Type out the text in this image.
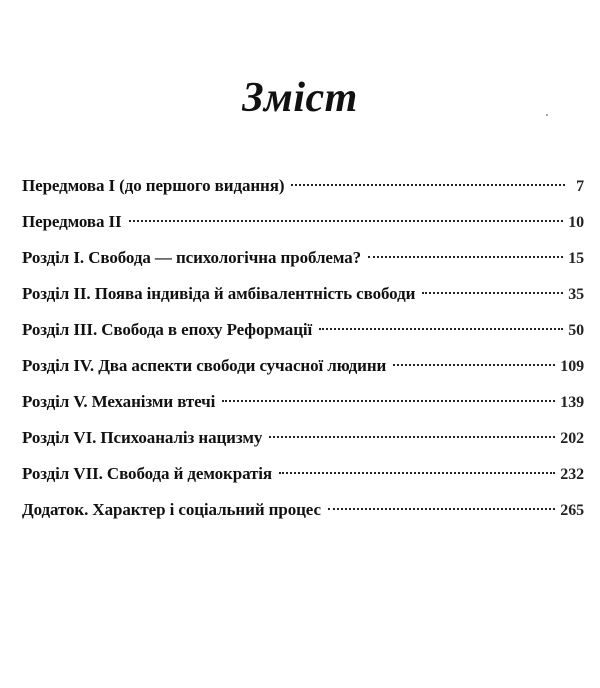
Зміст
Передмова I (до першого видання)	7
Передмова II	10
Розділ I. Свобода — психологічна проблема?	15
Розділ II. Поява індивіда й амбівалентність свободи	35
Розділ III. Свобода в епоху Реформації	50
Розділ IV. Два аспекти свободи сучасної людини	109
Розділ V. Механізми втечі	139
Розділ VI. Психоаналіз нацизму	202
Розділ VII. Свобода й демократія	232
Додаток. Характер і соціальний процес	265
